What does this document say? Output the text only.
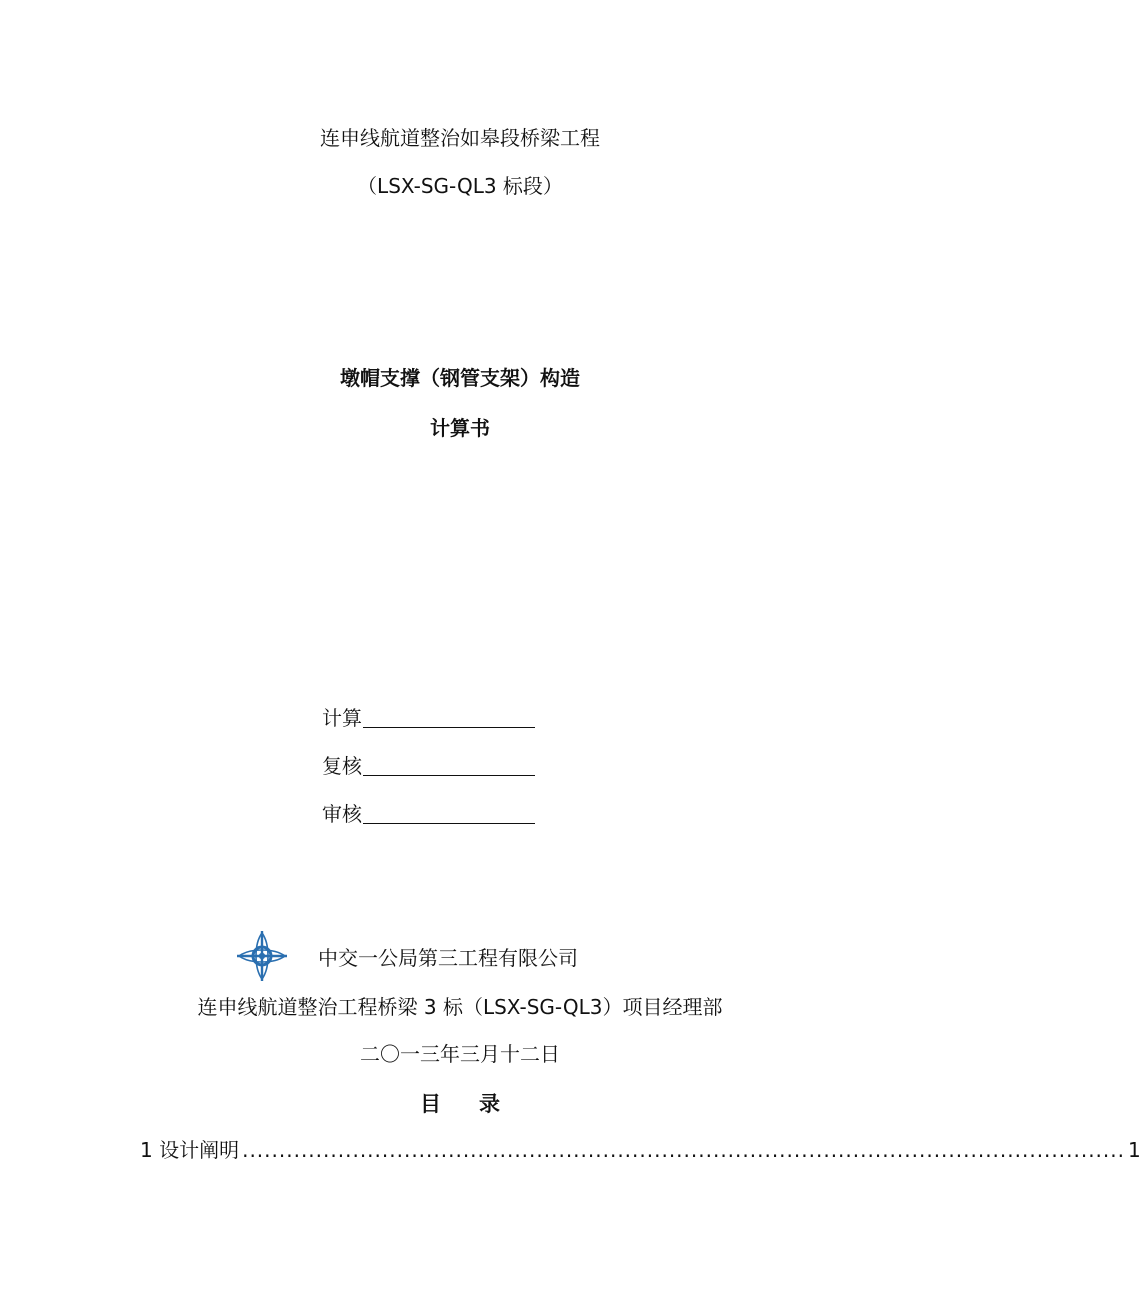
连申线航道整治如皋段桥梁工程
（LSX-SG-QL3 标段）
墩帽支撑（钢管支架）构造
计算书
计算
复核
审核
中交一公局第三工程有限公司
连申线航道整治工程桥梁 3 标（LSX-SG-QL3）项目经理部
二〇一三年三月十二日
目 录
1 设计阐明 ........................................................................................................................ 1
